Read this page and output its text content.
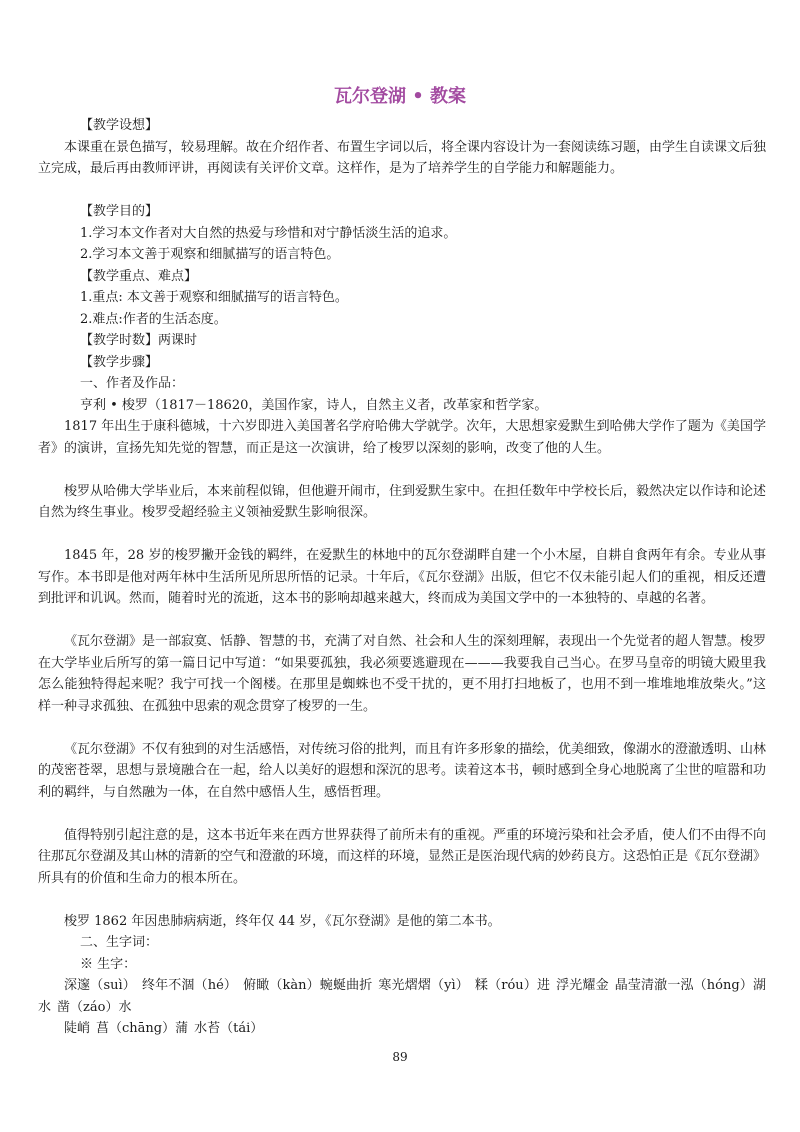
瓦尔登湖 • 教案

【教学设想】

本课重在景色描写，较易理解。故在介绍作者、布置生字词以后，将全课内容设计为一套阅读练习题，由学生自读课文后独立完成，最后再由教师评讲，再阅读有关评价文章。这样作，是为了培养学生的自学能力和解题能力。

【教学目的】

1.学习本文作者对大自然的热爱与珍惜和对宁静恬淡生活的追求。

2.学习本文善于观察和细腻描写的语言特色。

【教学重点、难点】

1.重点: 本文善于观察和细腻描写的语言特色。

2.难点:作者的生活态度。

【教学时数】两课时

【教学步骤】

一、作者及作品：

亨利 • 梭罗（1817－18620，美国作家，诗人，自然主义者，改革家和哲学家。

1817 年出生于康科德城，十六岁即进入美国著名学府哈佛大学就学。次年，大思想家爱默生到哈佛大学作了题为《美国学者》的演讲，宣扬先知先觉的智慧，而正是这一次演讲，给了梭罗以深刻的影响，改变了他的人生。

梭罗从哈佛大学毕业后，本来前程似锦，但他避开闹市，住到爱默生家中。在担任数年中学校长后，毅然决定以作诗和论述自然为终生事业。梭罗受超经验主义领袖爱默生影响很深。

1845 年，28 岁的梭罗撇开金钱的羁绊，在爱默生的林地中的瓦尔登湖畔自建一个小木屋，自耕自食两年有余。专业从事写作。本书即是他对两年林中生活所见所思所悟的记录。十年后，《瓦尔登湖》出版，但它不仅未能引起人们的重视，相反还遭到批评和讥讽。然而，随着时光的流逝，这本书的影响却越来越大，终而成为美国文学中的一本独特的、卓越的名著。

《瓦尔登湖》是一部寂寞、恬静、智慧的书，充满了对自然、社会和人生的深刻理解，表现出一个先觉者的超人智慧。梭罗在大学毕业后所写的第一篇日记中写道：“如果要孤独，我必须要逃避现在———我要我自己当心。在罗马皇帝的明镜大殿里我怎么能独特得起来呢？我宁可找一个阁楼。在那里是蜘蛛也不受干扰的，更不用打扫地板了，也用不到一堆堆地堆放柴火。”这样一种寻求孤独、在孤独中思索的观念贯穿了梭罗的一生。

《瓦尔登湖》不仅有独到的对生活感悟，对传统习俗的批判，而且有许多形象的描绘，优美细致，像湖水的澄澈透明、山林的茂密苍翠，思想与景境融合在一起，给人以美好的遐想和深沉的思考。读着这本书，顿时感到全身心地脱离了尘世的喧嚣和功利的羁绊，与自然融为一体，在自然中感悟人生，感悟哲理。

值得特别引起注意的是，这本书近年来在西方世界获得了前所未有的重视。严重的环境污染和社会矛盾，使人们不由得不向往那瓦尔登湖及其山林的清新的空气和澄澈的环境，而这样的环境，显然正是医治现代病的妙药良方。这恐怕正是《瓦尔登湖》所具有的价值和生命力的根本所在。

梭罗 1862 年因患肺病病逝，终年仅 44 岁，《瓦尔登湖》是他的第二本书。

二、生字词：

※ 生字：

深邃（suì） 终年不涸（hé） 俯瞰（kàn）蜿蜒曲折 寒光熠熠（yì） 糅（róu）进 浮光耀金 晶莹清澈一泓（hóng）湖水 凿（záo）水

陡峭 菖（chāng）蒲 水苔（tái）

89
